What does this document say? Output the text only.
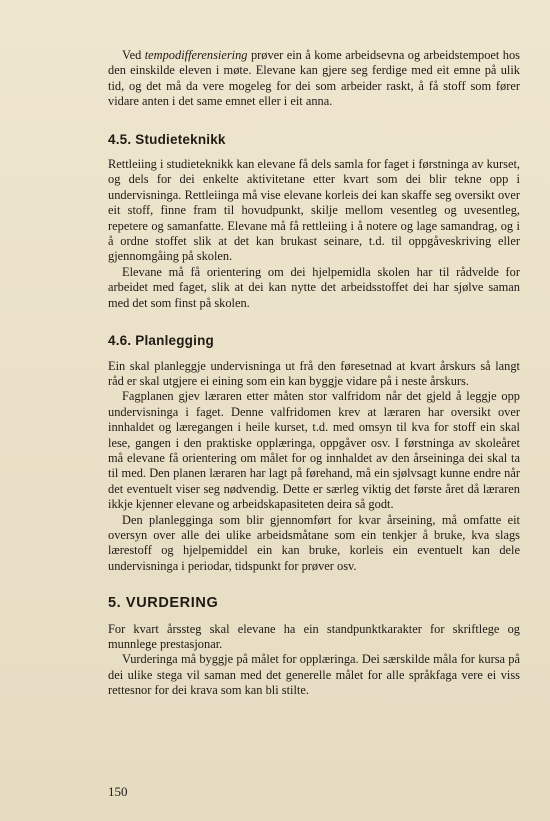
Ved tempodifferensiering prøver ein å kome arbeidsevna og arbeidstempoet hos den einskilde eleven i møte. Elevane kan gjere seg ferdige med eit emne på ulik tid, og det må da vere mogeleg for dei som arbeider raskt, å få stoff som fører vidare anten i det same emnet eller i eit anna.

4.5. Studieteknikk

Rettleiing i studieteknikk kan elevane få dels samla for faget i førstninga av kurset, og dels for dei enkelte aktivitetane etter kvart som dei blir tekne opp i undervisninga. Rettleiinga må vise elevane korleis dei kan skaffe seg oversikt over eit stoff, finne fram til hovudpunkt, skilje mellom vesentleg og uvesentleg, repetere og samanfatte. Elevane må få rettleiing i å notere og lage samandrag, og i å ordne stoffet slik at det kan brukast seinare, t.d. til oppgåveskriving eller gjennomgåing på skolen.

Elevane må få orientering om dei hjelpemidla skolen har til rådvelde for arbeidet med faget, slik at dei kan nytte det arbeidsstoffet dei har sjølve saman med det som finst på skolen.

4.6. Planlegging

Ein skal planleggje undervisninga ut frå den føresetnad at kvart årskurs så langt råd er skal utgjere ei eining som ein kan byggje vidare på i neste årskurs.

Fagplanen gjev læraren etter måten stor valfridom når det gjeld å leggje opp undervisninga i faget. Denne valfridomen krev at læraren har oversikt over innhaldet og læregangen i heile kurset, t.d. med omsyn til kva for stoff ein skal lese, gangen i den praktiske opplæringa, oppgåver osv. I førstninga av skoleåret må elevane få orientering om målet for og innhaldet av den årseininga dei skal ta til med. Den planen læraren har lagt på førehand, må ein sjølvsagt kunne endre når det eventuelt viser seg nødvendig. Dette er særleg viktig det første året då læraren ikkje kjenner elevane og arbeidskapasiteten deira så godt.

Den planlegginga som blir gjennomført for kvar årseining, må omfatte eit oversyn over alle dei ulike arbeidsmåtane som ein tenkjer å bruke, kva slags lærestoff og hjelpemiddel ein kan bruke, korleis ein eventuelt kan dele undervisninga i periodar, tidspunkt for prøver osv.

5. VURDERING

For kvart årssteg skal elevane ha ein standpunktkarakter for skriftlege og munnlege prestasjonar.

Vurderinga må byggje på målet for opplæringa. Dei særskilde måla for kursa på dei ulike stega vil saman med det generelle målet for alle språkfaga vere ei viss rettesnor for dei krava som kan bli stilte.

150
